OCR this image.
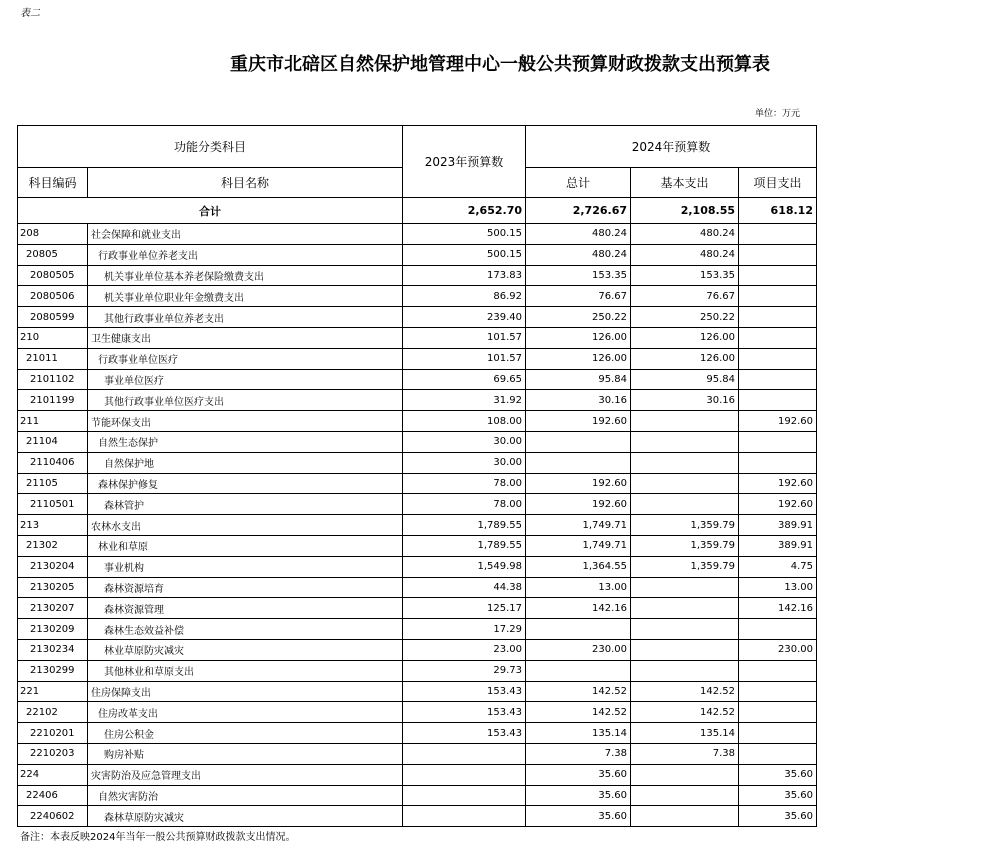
表二
重庆市北碚区自然保护地管理中心一般公共预算财政拨款支出预算表
单位：万元
功能分类科目		2023年预算数	2024年预算数		
科目编码	科目名称		总计	基本支出	项目支出
合计		2,652.70	2,726.67	2,108.55	618.12
208	社会保障和就业支出	500.15	480.24	480.24	
20805	行政事业单位养老支出	500.15	480.24	480.24	
2080505	机关事业单位基本养老保险缴费支出	173.83	153.35	153.35	
2080506	机关事业单位职业年金缴费支出	86.92	76.67	76.67	
2080599	其他行政事业单位养老支出	239.40	250.22	250.22	
210	卫生健康支出	101.57	126.00	126.00	
21011	行政事业单位医疗	101.57	126.00	126.00	
2101102	事业单位医疗	69.65	95.84	95.84	
2101199	其他行政事业单位医疗支出	31.92	30.16	30.16	
211	节能环保支出	108.00	192.60		192.60
21104	自然生态保护	30.00			
2110406	自然保护地	30.00			
21105	森林保护修复	78.00	192.60		192.60
2110501	森林管护	78.00	192.60		192.60
213	农林水支出	1,789.55	1,749.71	1,359.79	389.91
21302	林业和草原	1,789.55	1,749.71	1,359.79	389.91
2130204	事业机构	1,549.98	1,364.55	1,359.79	4.75
2130205	森林资源培育	44.38	13.00		13.00
2130207	森林资源管理	125.17	142.16		142.16
2130209	森林生态效益补偿	17.29			
2130234	林业草原防灾减灾	23.00	230.00		230.00
2130299	其他林业和草原支出	29.73			
221	住房保障支出	153.43	142.52	142.52	
22102	住房改革支出	153.43	142.52	142.52	
2210201	住房公积金	153.43	135.14	135.14	
2210203	购房补贴		7.38	7.38	
224	灾害防治及应急管理支出		35.60		35.60
22406	自然灾害防治		35.60		35.60
2240602	森林草原防灾减灾		35.60		35.60
备注：本表反映2024年当年一般公共预算财政拨款支出情况。
